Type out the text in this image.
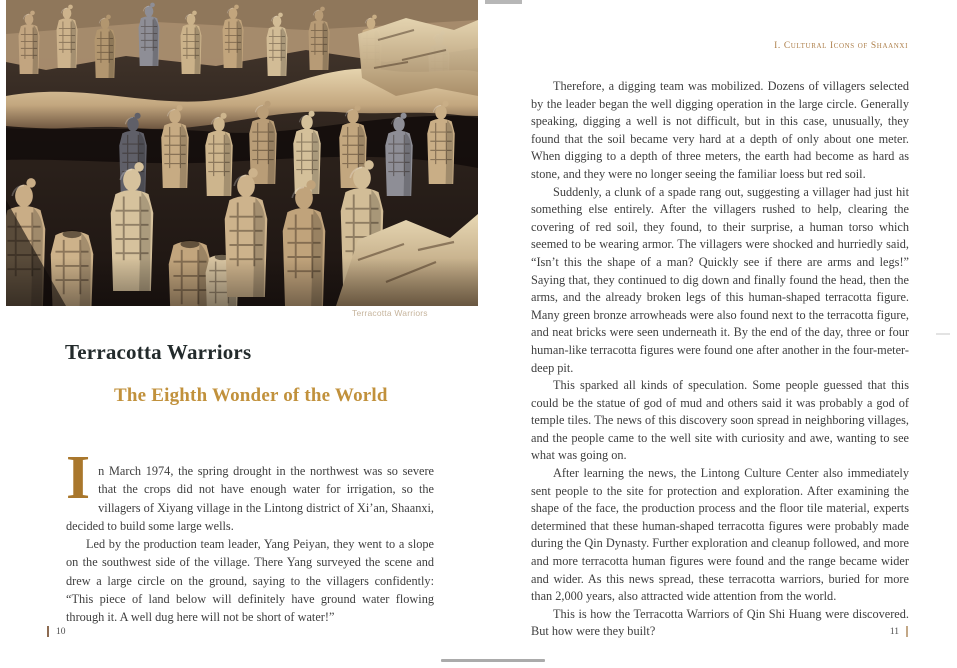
Terracotta Warriors
Terracotta Warriors
The Eighth Wonder of the World

In March 1974, the spring drought in the northwest was so severe that the crops did not have enough water for irrigation, so the villagers of Xiyang village in the Lintong district of Xi’an, Shaanxi, decided to build some large wells.

Led by the production team leader, Yang Peiyan, they went to a slope on the southwest side of the village. There Yang surveyed the scene and drew a large circle on the ground, saying to the villagers confidently: “This piece of land below will definitely have ground water flowing through it. A well dug here will not be short of water!”

10
I. Cultural Icons of Shaanxi

Therefore, a digging team was mobilized. Dozens of villagers selected by the leader began the well digging operation in the large circle. Generally speaking, digging a well is not difficult, but in this case, unusually, they found that the soil became very hard at a depth of only about one meter. When digging to a depth of three meters, the earth had become as hard as stone, and they were no longer seeing the familiar loess but red soil.

Suddenly, a clunk of a spade rang out, suggesting a villager had just hit something else entirely. After the villagers rushed to help, clearing the covering of red soil, they found, to their surprise, a human torso which seemed to be wearing armor. The villagers were shocked and hurriedly said, “Isn’t this the shape of a man? Quickly see if there are arms and legs!” Saying that, they continued to dig down and finally found the head, then the arms, and the already broken legs of this human-shaped terracotta figure. Many green bronze arrowheads were also found next to the terracotta figure, and neat bricks were seen underneath it. By the end of the day, three or four human-like terracotta figures were found one after another in the four-meter-deep pit.

This sparked all kinds of speculation. Some people guessed that this could be the statue of god of mud and others said it was probably a god of temple tiles. The news of this discovery soon spread in neighboring villages, and the people came to the well site with curiosity and awe, wanting to see what was going on.

After learning the news, the Lintong Culture Center also immediately sent people to the site for protection and exploration. After examining the shape of the face, the production process and the floor tile material, experts determined that these human-shaped terracotta figures were probably made during the Qin Dynasty. Further exploration and cleanup followed, and more and more terracotta human figures were found and the range became wider and wider. As this news spread, these terracotta warriors, buried for more than 2,000 years, also attracted wide attention from the world.

This is how the Terracotta Warriors of Qin Shi Huang were discovered. But how were they built?	11
